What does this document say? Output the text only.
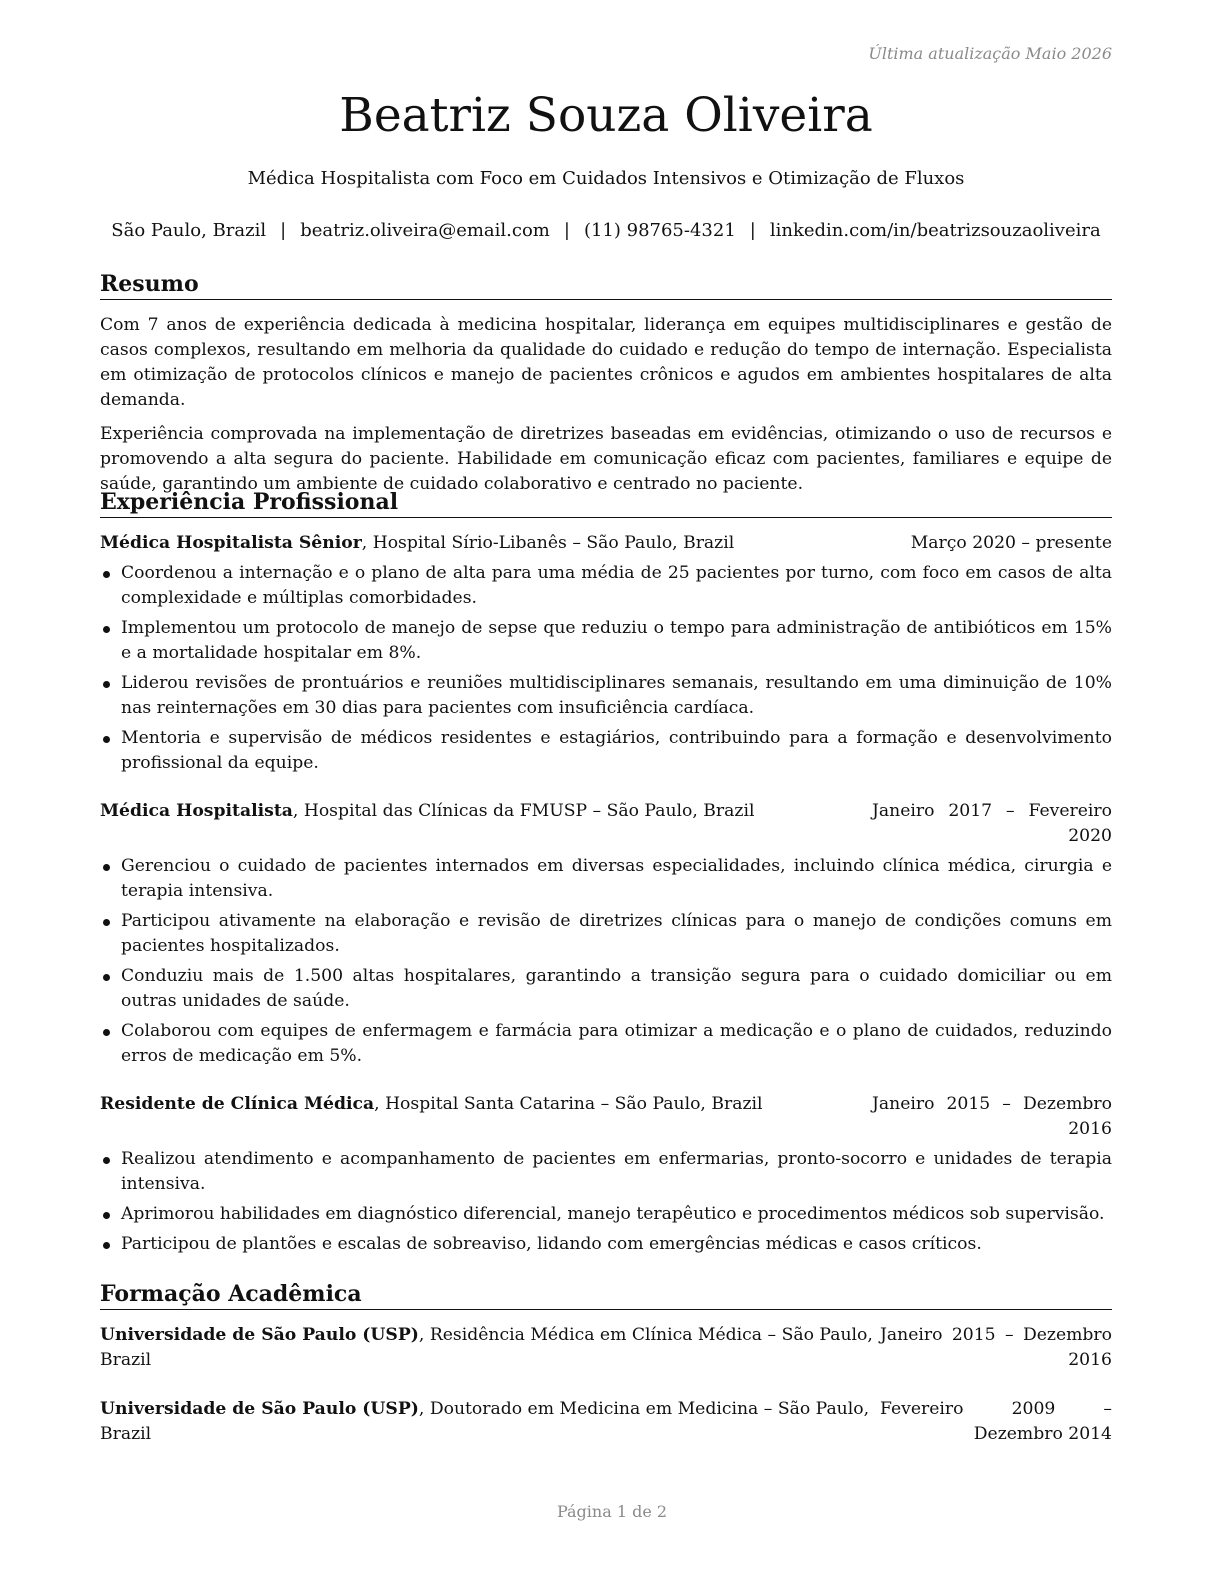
Última atualização Maio 2026
Beatriz Souza Oliveira
Médica Hospitalista com Foco em Cuidados Intensivos e Otimização de Fluxos
São Paulo, Brazil | beatriz.oliveira@email.com | (11) 98765-4321 | linkedin.com/in/beatrizsouzaoliveira
Resumo

Com 7 anos de experiência dedicada à medicina hospitalar, liderança em equipes multidisciplinares e gestão de casos complexos, resultando em melhoria da qualidade do cuidado e redução do tempo de internação. Especialista em otimização de protocolos clínicos e manejo de pacientes crônicos e agudos em ambientes hospitalares de alta demanda.

Experiência comprovada na implementação de diretrizes baseadas em evidências, otimizando o uso de recursos e promovendo a alta segura do paciente. Habilidade em comunicação eficaz com pacientes, familiares e equipe de saúde, garantindo um ambiente de cuidado colaborativo e centrado no paciente.

Experiência Profissional
Médica Hospitalista Sênior, Hospital Sírio-Libanês – São Paulo, Brazil	Março 2020 – presente
Coordenou a internação e o plano de alta para uma média de 25 pacientes por turno, com foco em casos de alta complexidade e múltiplas comorbidades.
Implementou um protocolo de manejo de sepse que reduziu o tempo para administração de antibióticos em 15% e a mortalidade hospitalar em 8%.
Liderou revisões de prontuários e reuniões multidisciplinares semanais, resultando em uma diminuição de 10% nas reinternações em 30 dias para pacientes com insuficiência cardíaca.
Mentoria e supervisão de médicos residentes e estagiários, contribuindo para a formação e desenvolvimento profissional da equipe.
Médica Hospitalista, Hospital das Clínicas da FMUSP – São Paulo, Brazil	Janeiro 2017 – Fevereiro 2020
Gerenciou o cuidado de pacientes internados em diversas especialidades, incluindo clínica médica, cirurgia e terapia intensiva.
Participou ativamente na elaboração e revisão de diretrizes clínicas para o manejo de condições comuns em pacientes hospitalizados.
Conduziu mais de 1.500 altas hospitalares, garantindo a transição segura para o cuidado domiciliar ou em outras unidades de saúde.
Colaborou com equipes de enfermagem e farmácia para otimizar a medicação e o plano de cuidados, reduzindo erros de medicação em 5%.
Residente de Clínica Médica, Hospital Santa Catarina – São Paulo, Brazil	Janeiro 2015 – Dezembro 2016
Realizou atendimento e acompanhamento de pacientes em enfermarias, pronto-socorro e unidades de terapia intensiva.
Aprimorou habilidades em diagnóstico diferencial, manejo terapêutico e procedimentos médicos sob supervisão.
Participou de plantões e escalas de sobreaviso, lidando com emergências médicas e casos críticos.
Formação Acadêmica
Universidade de São Paulo (USP), Residência Médica em Clínica Médica – São Paulo, Brazil
Janeiro 2015 – Dezembro 2016
Universidade de São Paulo (USP), Doutorado em Medicina em Medicina – São Paulo, Brazil
Fevereiro 2009 – Dezembro 2014
Página 1 de 2
